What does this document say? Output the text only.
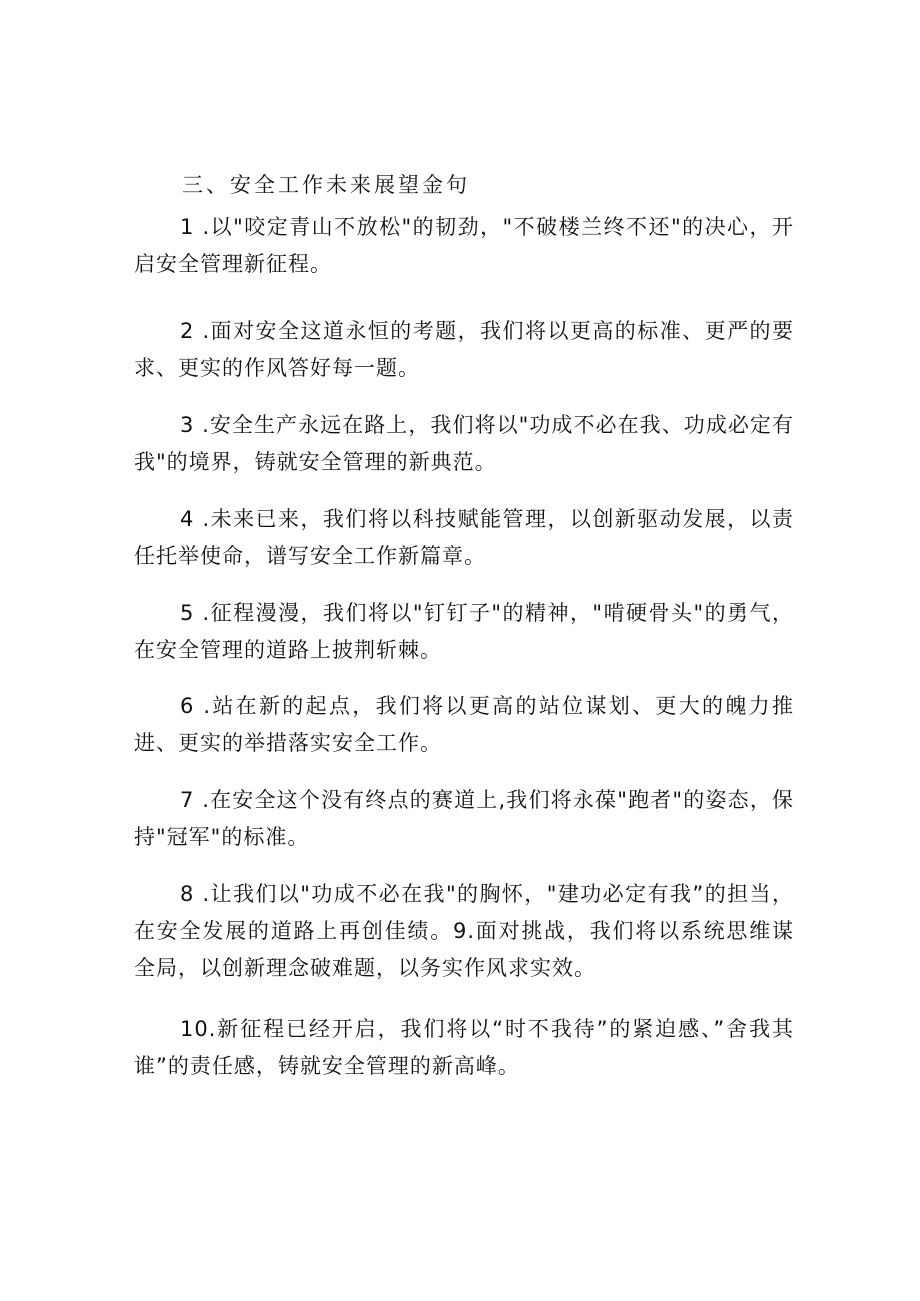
三、安全工作未来展望金句

1 .以"咬定青山不放松"的韧劲，"不破楼兰终不还"的决心，开启安全管理新征程。

2 .面对安全这道永恒的考题，我们将以更高的标准、更严的要求、更实的作风答好每一题。

3 .安全生产永远在路上，我们将以"功成不必在我、功成必定有我"的境界，铸就安全管理的新典范。

4 .未来已来，我们将以科技赋能管理，以创新驱动发展，以责任托举使命，谱写安全工作新篇章。

5 .征程漫漫，我们将以"钉钉子"的精神，"啃硬骨头"的勇气，在安全管理的道路上披荆斩棘。

6 .站在新的起点，我们将以更高的站位谋划、更大的魄力推进、更实的举措落实安全工作。

7 .在安全这个没有终点的赛道上,我们将永葆"跑者"的姿态，保持"冠军"的标准。

8 .让我们以"功成不必在我"的胸怀，"建功必定有我”的担当，在安全发展的道路上再创佳绩。9.面对挑战，我们将以系统思维谋全局，以创新理念破难题，以务实作风求实效。

10.新征程已经开启，我们将以“时不我待”的紧迫感、”舍我其谁”的责任感，铸就安全管理的新高峰。
